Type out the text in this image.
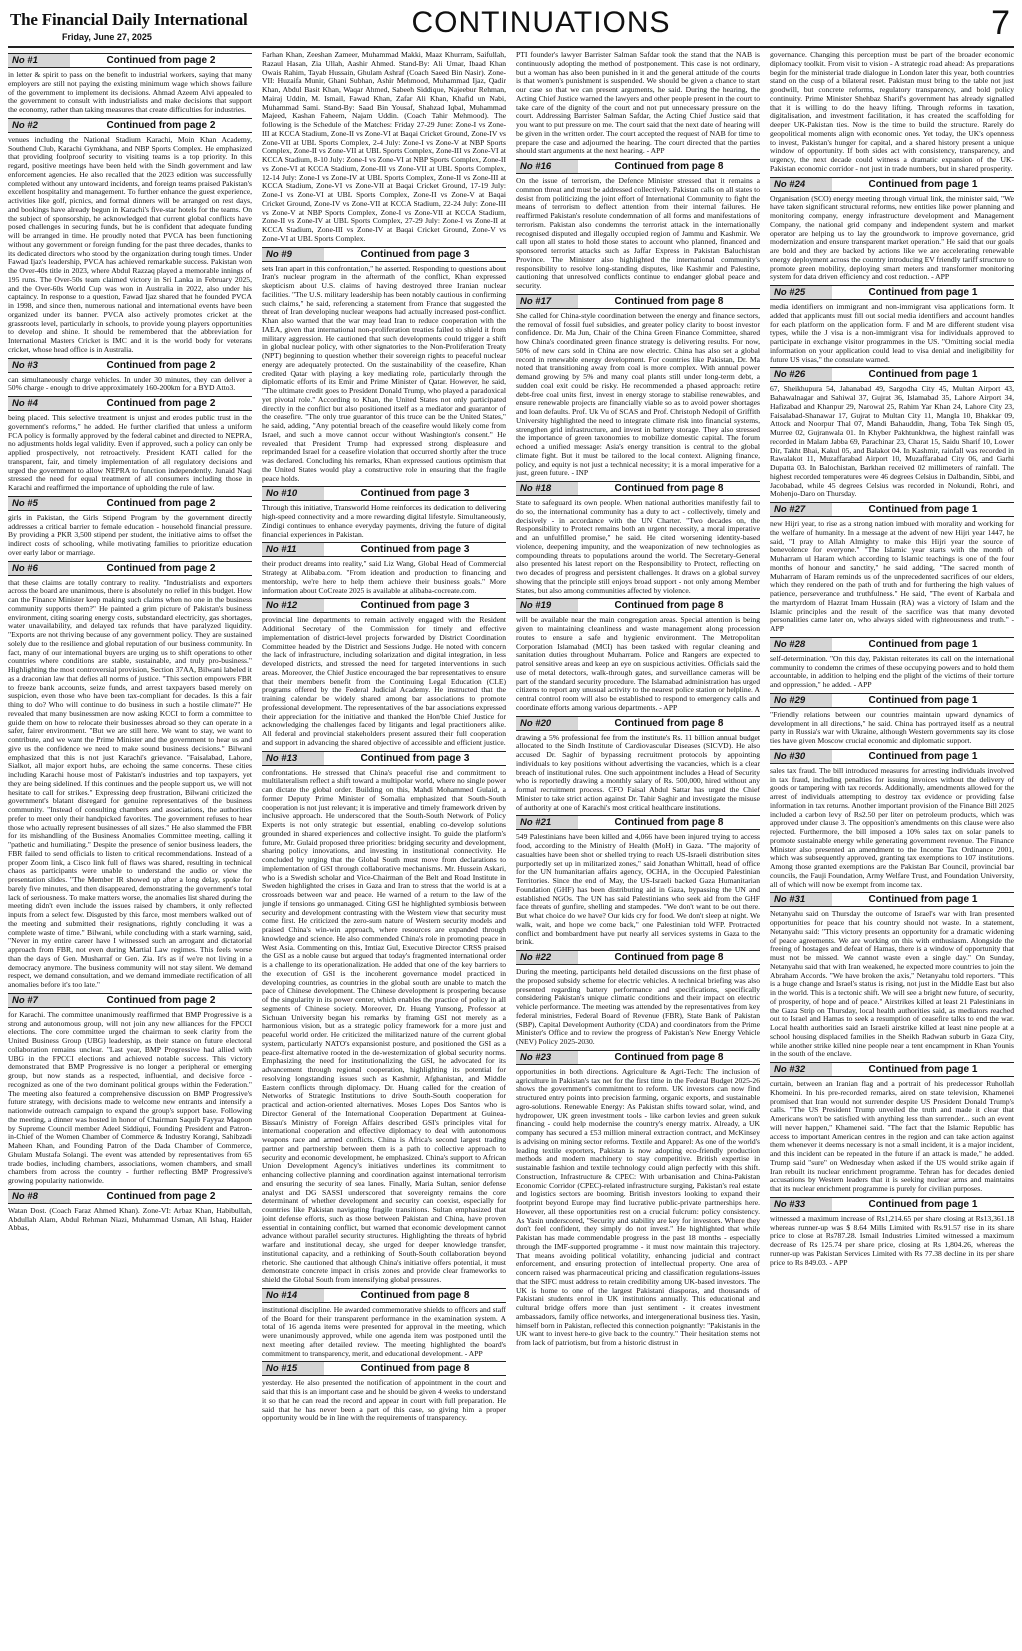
The Financial Daily International
Friday, June 27, 2025	CONTINUATIONS	7
No #1	Continued from page 2
in letter & spirit to pass on the benefit to industrial workers, saying that many employers are still not paying the existing minimum wage which shows failure of the government to implement its decisions. Ahmad Azeem Alvi appealed to the government to consult with industrialists and make decisions that support the economy, rather than taking measures that create difficulties for industries.
No #2	Continued from page 2
venues including the National Stadium Karachi, Moin Khan Academy, Southend Club, Karachi Gymkhana, and NBP Sports Complex. He emphasized that providing foolproof security to visiting teams is a top priority. In this regard, positive meetings have been held with the Sindh government and law enforcement agencies. He also recalled that the 2023 edition was successfully completed without any untoward incidents, and foreign teams praised Pakistan's excellent hospitality and management. To further enhance the guest experience, activities like golf, picnics, and formal dinners will be arranged on rest days, and bookings have already begun in Karachi's five-star hotels for the teams. On the subject of sponsorship, he acknowledged that current global conflicts have posed challenges in securing funds, but he is confident that adequate funding will be arranged in time. He proudly noted that PVCA has been functioning without any government or foreign funding for the past three decades, thanks to its dedicated directors who stood by the organization during tough times. Under Fawad Ijaz's leadership, PVCA has achieved remarkable success. Pakistan won the Over-40s title in 2023, where Abdul Razzaq played a memorable innings of 195 runs. The Over-50s team claimed victory in Sri Lanka in February 2025, and the Over-60s World Cup was won in Australia in 2022, also under his captaincy. In response to a question, Fawad Ijaz shared that he founded PVCA in 1998, and since then, numerous national and international events have been organized under its banner. PVCA also actively promotes cricket at the grassroots level, particularly in schools, to provide young players opportunities to develop and shine. It should be remembered that the abbreviation for International Masters Cricket is IMC and it is the world body for veterans cricket, whose head office is in Australia.
No #3	Continued from page 2
can simultaneously charge vehicles. In under 30 minutes, they can deliver a 50% charge - enough to drive approximately 160-200km for a BYD Atto3.
No #4	Continued from page 2
being placed. This selective treatment is unjust and erodes public trust in the government's reforms," he added. He further clarified that unless a uniform FCA policy is formally approved by the federal cabinet and directed to NEPRA, no adjustments holds legal validity. Even if approved, such a policy can only be applied prospectively, not retroactively. President KATI called for the transparent, fair, and timely implementation of all regulatory decisions and urged the government to allow NEPRA to function independently. Junaid Naqi stressed the need for equal treatment of all consumers including those in Karachi and reaffirmed the importance of upholding the rule of law.
No #5	Continued from page 2
girls in Pakistan, the Girls Stipend Program by the government directly addresses a critical barrier to female education - household financial pressure. By providing a PKR 3,500 stipend per student, the initiative aims to offset the indirect costs of schooling, while motivating families to prioritize education over early labor or marriage.
No #6	Continued from page 2
that these claims are totally contrary to reality. "Industrialists and exporters across the board are unanimous, there is absolutely no relief in this budget. How can the Finance Minister keep making such claims when no one in the business community supports them?" He painted a grim picture of Pakistan's business environment, citing soaring energy costs, substandard electricity, gas shortages, water unavailability, and delayed tax refunds that have paralyzed liquidity. "Exports are not thriving because of any government policy. They are sustained solely due to the resilience and global reputation of our business community. In fact, many of our international buyers are urging us to shift operations to other countries where conditions are stable, sustainable, and truly pro-business." Highlighting the most controversial provision, Section 37AA, Bilwani labeled it as a draconian law that defies all norms of justice. "This section empowers FBR to freeze bank accounts, seize funds, and arrest taxpayers based merely on suspicion, even those who have been tax-compliant for decades. Is this a fair thing to do? Who will continue to do business in such a hostile climate?" He revealed that many businessmen are now asking KCCI to form a committee to guide them on how to relocate their businesses abroad so they can operate in a safer, fairer environment. "But we are still here. We want to stay, we want to contribute, and we want the Prime Minister and the government to hear us and give us the confidence we need to make sound business decisions." Bilwani emphasized that this is not just Karachi's grievance. "Faisalabad, Lahore, Sialkot, all major export hubs, are echoing the same concerns. These cities including Karachi house most of Pakistan's industries and top taxpayers, yet they are being sidelined. If this continues and the people support us, we will not hesitate to call for strikes." Expressing deep frustration, Bilwani criticized the government's blatant disregard for genuine representatives of the business community. "Instead of consulting chambers and associations, the authorities prefer to meet only their handpicked favorites. The government refuses to hear those who actually represent businesses of all sizes." He also slammed the FBR for its mishandling of the Business Anomalies Committee meeting, calling it "pathetic and humiliating." Despite the presence of senior business leaders, the FBR failed to send officials to listen to critical recommendations. Instead of a proper Zoom link, a Cisco link full of flaws was shared, resulting in technical chaos as participants were unable to understand the audio or view the presentation slides. "The Member IR showed up after a long delay, spoke for barely five minutes, and then disappeared, demonstrating the government's total lack of seriousness. To make matters worse, the anomalies list shared during the meeting didn't even include the issues raised by chambers, it only reflected inputs from a select few. Disgusted by this farce, most members walked out of the meeting and submitted their resignations, rightly concluding it was a complete waste of time." Bilwani, while concluding with a stark warning, said, "Never in my entire career have I witnessed such an arrogant and dictatorial approach from FBR, not even during Martial Law regimes. This feels worse than the days of Gen. Musharraf or Gen. Zia. It's as if we're not living in a democracy anymore. The business community will not stay silent. We demand respect, we demand consultation, and we demand immediate rectification of all anomalies before it's too late."
No #7	Continued from page 2
for Karachi. The committee unanimously reaffirmed that BMP Progressive is a strong and autonomous group, will not join any new alliances for the FPCCI elections. The core committee urged the chairman to seek clarity from the United Business Group (UBG) leadership, as their stance on future electoral collaboration remains unclear. "Last year, BMP Progressive had allied with UBG in the FPCCI elections and achieved notable success. This victory demonstrated that BMP Progressive is no longer a peripheral or emerging group, but now stands as a respected, influential, and decisive force - recognized as one of the two dominant political groups within the Federation." The meeting also featured a comprehensive discussion on BMP Progressive's future strategy, with decisions made to welcome new entrants and intensify a nationwide outreach campaign to expand the group's support base. Following the meeting, a dinner was hosted in honor of Chairman Saquib Fayyaz Magoon by Supreme Council member Adeel Siddiqui, Founding President and Patron-in-Chief of the Women Chamber of Commerce & Industry Korangi, Sahibzadi Maheen Khan, and Founding Patron of the Dada Chamber of Commerce, Ghulam Mustafa Solangi. The event was attended by representatives from 65 trade bodies, including chambers, associations, women chambers, and small chambers from across the country - further reflecting BMP Progressive's growing popularity nationwide.
No #8	Continued from page 2
Watan Dost. (Coach Faraz Ahmed Khan). Zone-VI: Arbaz Khan, Habibullah, Abdullah Alam, Abdul Rehman Niazi, Muhammad Usman, Ali Ishaq, Haider Abbas,
Farhan Khan, Zeeshan Zameer, Muhammad Makki, Maaz Khurram, Saifullah, Razaul Hasan, Zia Ullah, Aashir Ahmed. Stand-By: Ali Umar, Ibaad Khan Owais Rahim, Tayab Hussain, Ghulam Ashraf (Coach Saeed Bin Nasir). Zone-VII: Huzaifa Munir, Ghani Subhan, Ashir Mehmood, Muhammad Ijaz, Qadir Khan, Abdul Basit Khan, Waqar Ahmed, Sabeeh Siddique, Najeebur Rehman, Mairaj Uddin, M. Ismail, Fawad Khan, Zafar Ali Khan, Khafid un Nabi, Muhammad Sami. Stand-By: Saad Bin Yousaf, Shahzad Iqbal, Muhammad Majeed, Kashan Faheem, Najam Uddin. (Coach Tahir Mehmood). The following is the Schedule of the Matches: Friday 27-29 June: Zone-I vs Zone-III at KCCA Stadium, Zone-II vs Zone-VI at Baqai Cricket Ground, Zone-IV vs Zone-VII at UBL Sports Complex, 2-4 July: Zone-I vs Zone-V at NBP Sports Complex, Zone-II vs Zone-VII at UBL Sports Complex, Zone-III vs Zone-VI at KCCA Stadium, 8-10 July: Zone-I vs Zone-VI at NBP Sports Complex, Zone-II vs Zone-VI at KCCA Stadium, Zone-III vs Zone-VII at UBL Sports Complex, 12-14 July: Zone-I vs Zone-IV at UBL Sports Complex, Zone-II vs Zone-III at KCCA Stadium, Zone-VI vs Zone-VII at Baqai Cricket Ground, 17-19 July: Zone-I vs Zone-VI at UBL Sports Complex, Zone-II vs Zone-V at Baqai Cricket Ground, Zone-IV vs Zone-VII at KCCA Stadium, 22-24 July: Zone-III vs Zone-V at NBP Sports Complex, Zone-I vs Zone-VII at KCCA Stadium, Zone-II vs Zone-IV at UBL Sports Complex, 27-29 July: Zone-I vs Zone-II at KCCA Stadium, Zone-III vs Zone-IV at Baqai Cricket Ground, Zone-V vs Zone-VI at UBL Sports Complex.
No #9	Continued from page 3
sets Iran apart in this confrontation," he asserted. Responding to questions about Iran's nuclear program in the aftermath of the conflict, Khan expressed skepticism about U.S. claims of having destroyed three Iranian nuclear facilities. "The U.S. military leadership has been notably cautious in confirming such claims," he said, referencing a statement from France that suggested the threat of Iran developing nuclear weapons had actually increased post-conflict. Khan also warned that the war may lead Iran to reduce cooperation with the IAEA, given that international non-proliferation treaties failed to shield it from military aggression. He cautioned that such developments could trigger a shift in global nuclear policy, with other signatories to the Non-Proliferation Treaty (NPT) beginning to question whether their sovereign rights to peaceful nuclear energy are adequately protected. On the sustainability of the ceasefire, Khan credited Qatar with playing a key mediating role, particularly through the diplomatic efforts of its Emir and Prime Minister of Qatar. However, he said, "The ultimate credit goes to President Donald Trump, who played a paradoxical yet pivotal role." According to Khan, the United States not only participated directly in the conflict but also positioned itself as a mediator and guarantor of the ceasefire. "The only true guarantor of this truce can be the United States," he said, adding, "Any potential breach of the ceasefire would likely come from Israel, and such a move cannot occur without Washington's consent." He revealed that President Trump had expressed strong displeasure and reprimanded Israel for a ceasefire violation that occurred shortly after the truce was declared. Concluding his remarks, Khan expressed cautious optimism that the United States would play a constructive role in ensuring that the fragile peace holds.
No #10	Continued from page 3
Through this initiative, Transworld Home reinforces its dedication to delivering high-speed connectivity and a more rewarding digital lifestyle. Simultaneously, Zindigi continues to enhance everyday payments, driving the future of digital financial experiences in Pakistan.
No #11	Continued from page 3
their product dreams into reality," said Liz Wang, Global Head of Commercial Strategy at Alibaba.com. "From ideation and production to financing and mentorship, we're here to help them achieve their business goals." More information about CoCreate 2025 is available at alibaba-cocreate.com.
No #12	Continued from page 3
provincial line departments to remain actively engaged with the Resident Additional Secretary of the Commission for timely and effective implementation of district-level projects forwarded by District Coordination Committee headed by the District and Sessions Judge. He noted with concern the lack of infrastructure, including solarization and digital integration, in less developed districts, and stressed the need for targeted interventions in such areas. Moreover, the Chief Justice encouraged the bar representatives to ensure that their members benefit from the Continuing Legal Education (CLE) programs offered by the Federal Judicial Academy. He instructed that the training calendar be widely shared among bar associations to promote professional development. The representatives of the bar associations expressed their appreciation for the initiative and thanked the Hon'ble Chief Justice for acknowledging the challenges faced by litigants and legal practitioners alike. All federal and provincial stakeholders present assured their full cooperation and support in advancing the shared objective of accessible and efficient justice.
No #13	Continued from page 3
confrontations. He stressed that China's peaceful rise and commitment to multilateralism reflect a shift toward a multipolar world, where no single power can dictate the global order. Building on this, Mahdi Mohammed Gulaid, a former Deputy Prime Minister of Somalia emphasized that South-South cooperation is not just relevant; it is imperative and timely framework driven by inclusive approach. He underscored that the South-South Network of Policy Experts is not only strategic but essential, enabling co-develop solutions grounded in shared experiences and collective insight. To guide the platform's future, Mr. Gulaid proposed three priorities: bridging security and development, sharing policy innovations, and investing in institutional connectivity. He concluded by urging that the Global South must move from declarations to implementation of GSI through collaborative mechanisms. Mr. Hussein Askari, who is a Swedish scholar and Vice-Chairman of the Belt and Road Institute in Sweden highlighted the crises in Gaza and Iran to stress that the world is at a crossroads between war and peace. He warned of a return to the law of the jungle if tensions go unmanaged. Citing GSI he highlighted symbiosis between security and development contrasting with the Western view that security must come first. He criticized the zero-sum nature of Western security models and praised China's win-win approach, where resources are expanded through knowledge and science. He also commended China's role in promoting peace in West Asia. Commenting on this, Imtiaz Gul, Executive Director CRSS praised the GSI as a noble cause but argued that today's fragmented international order is a challenge to its operationalization. He added that one of the key barriers to the execution of GSI is the incoherent governance model practiced in developing countries, as countries in the global south are unable to match the pace of Chinese development. The Chinese development is prospering because of the singularity in its power center, which enables the practice of policy in all segments of Chinese society. Moreover, Dr. Huang Yunsong, Professor at Sichuan University began his remarks by framing GSI not merely as a harmonious vision, but as a strategic policy framework for a more just and peaceful world order. He criticized the militarized nature of the current global system, particularly NATO's expansionist posture, and positioned the GSI as a peace-first alternative rooted in the de-westernization of global security norms. Emphasizing the need for institutionalizing the GSI, he advocated for its advancement through regional cooperation, highlighting its potential for resolving longstanding issues such as Kashmir, Afghanistan, and Middle Eastern conflicts through diplomacy. Dr. Huang called for the creation of Networks of Strategic Institutions to drive South-South cooperation for practical and action-oriented alternatives. Moses Lopes Dos Santos who is Director General of the International Cooperation Department at Guinea-Bissau's Ministry of Foreign Affairs described GSI's principles vital for international cooperation and effective diplomacy to deal with autonomous weapons race and armed conflicts. China is Africa's second largest trading partner and partnership between them is a path to collective approach to security and economic development, he emphasized. China's support to African Union Development Agency's initiatives underlines its commitment to enhancing collective planning and coordination against international terrorism and ensuring the security of sea lanes. Finally, Maria Sultan, senior defense analyst and DG SASSI underscored that sovereignty remains the core determinant of whether development and security can coexist, especially for countries like Pakistan navigating fragile transitions. Sultan emphasized that joint defense efforts, such as those between Pakistan and China, have proven essential in containing conflict, but warned that economic development cannot advance without parallel security structures. Highlighting the threats of hybrid warfare and institutional decay, she urged for deeper knowledge transfer, institutional capacity, and a rethinking of South-South collaboration beyond rhetoric. She cautioned that although China's initiative offers potential, it must demonstrate concrete impact in crisis zones and provide clear frameworks to shield the Global South from intensifying global pressures.
No #14	Continued from page 8
institutional discipline. He awarded commemorative shields to officers and staff of the Board for their transparent performance in the examination system. A total of 16 agenda items were presented for approval in the meeting, which were unanimously approved, while one agenda item was postponed until the next meeting after detailed review. The meeting highlighted the board's commitment to transparency, merit, and educational development. - APP
No #15	Continued from page 8
yesterday. He also presented the notification of appointment in the court and said that this is an important case and he should be given 4 weeks to understand it so that he can read the record and appear in court with full preparation. He said that he has never been a part of this case, so giving him a proper opportunity would be in line with the requirements of transparency.
PTI founder's lawyer Barrister Salman Safdar took the stand that the NAB is continuously adopting the method of postponement. This case is not ordinary, but a woman has also been punished in it and the general attitude of the courts is that women's punishment is suspended. We should be given a chance to start our case so that we can present arguments, he said. During the hearing, the Acting Chief Justice warned the lawyers and other people present in the court to take care of the dignity of the court and not put unnecessary pressure on the court. Addressing Barrister Salman Safdar, the Acting Chief Justice said that you want to put pressure on me. The court said that the next date of hearing will be given in the written order. The court accepted the request of NAB for time to prepare the case and adjourned the hearing. The court directed that the parties should start arguments at the next hearing. - APP
No #16	Continued from page 8
On the issue of terrorism, the Defence Minister stressed that it remains a common threat and must be addressed collectively. Pakistan calls on all states to desist from politicizing the joint effort of International Community to fight the means of terrorism to deflect attention from their internal failures. He reaffirmed Pakistan's resolute condemnation of all forms and manifestations of terrorism. Pakistan also condemns the terrorist attack in the internationally recognised disputed and illegally occupied region of Jammu and Kashmir. We call upon all states to hold those states to account who planned, financed and sponsored terrorist attacks such as Jaffar Express in Pakistan Baluchistan Province. The Minister also highlighted the international community's responsibility to resolve long-standing disputes, like Kashmir and Palestine, cautioning that unresolved conflicts continue to endanger global peace and security.
No #17	Continued from page 8
She called for China-style coordination between the energy and finance sectors, the removal of fossil fuel subsidies, and greater policy clarity to boost investor confidence. Dr. Ma Jun, Chair of the China Green Finance Committee, shared how China's coordinated green finance strategy is delivering results. For now, 50% of new cars sold in China are now electric. China has also set a global record in renewable energy development. For countries like Pakistan, Dr. Ma noted that transitioning away from coal is more complex. With annual power demand growing by 5% and many coal plants still under long-term debt, a sudden coal exit could be risky. He recommended a phased approach: retire debt-free coal units first, invest in energy storage to stabilise renewables, and ensure renewable projects are financially viable so as to avoid power shortages and loan defaults. Prof. Uk Vu of SCAS and Prof. Christoph Nedopil of Griffith University highlighted the need to integrate climate risk into financial systems, strengthen grid infrastructure, and invest in battery storage. They also stressed the importance of green taxonomies to mobilize domestic capital. The forum echoed a unified message: Asia's energy transition is central to the global climate fight. But it must be tailored to the local context. Aligning finance, policy, and equity is not just a technical necessity; it is a moral imperative for a just, green future. - INP
No #18	Continued from page 8
State to safeguard its own people. When national authorities manifestly fail to do so, the international community has a duty to act - collectively, timely and decisively - in accordance with the UN Charter. "Two decades on, the Responsibility to Protect remains both an urgent necessity, a moral imperative and an unfulfilled promise," he said. He cited worsening identity-based violence, deepening impunity, and the weaponization of new technologies as compounding threats to populations around the world. The Secretary-General also presented his latest report on the Responsibility to Protect, reflecting on two decades of progress and persistent challenges. It draws on a global survey showing that the principle still enjoys broad support - not only among Member States, but also among communities affected by violence.
No #19	Continued from page 8
will be available near the main congregation areas. Special attention is being given to maintaining cleanliness and waste management along procession routes to ensure a safe and hygienic environment. The Metropolitan Corporation Islamabad (MCI) has been tasked with regular cleaning and sanitation duties throughout Muharram. Police and Rangers are expected to patrol sensitive areas and keep an eye on suspicious activities. Officials said the use of metal detectors, walk-through gates, and surveillance cameras will be part of the standard security procedure. The Islamabad administration has urged citizens to report any unusual activity to the nearest police station or helpline. A central control room will also be established to respond to emergency calls and coordinate efforts among various departments. - APP
No #20	Continued from page 8
drawing a 5% professional fee from the institute's Rs. 11 billion annual budget allocated to the Sindh Institute of Cardiovascular Diseases (SICVD). He also accused Dr. Saghir of bypassing recruitment protocols by appointing individuals to key positions without advertising the vacancies, which is a clear breach of institutional rules. One such appointment includes a Head of Security who is reportedly drawing a monthly salary of Rs. 500,000, hired without any formal recruitment process. CFO Faisal Abdul Sattar has urged the Chief Minister to take strict action against Dr. Tahir Saghir and investigate the misuse of authority at one of Karachi's most critical healthcare institutions.
No #21	Continued from page 8
549 Palestinians have been killed and 4,066 have been injured trying to access food, according to the Ministry of Health (MoH) in Gaza. "The majority of casualties have been shot or shelled trying to reach US-Israeli distribution sites purportedly set up in militarized zones," said Jonathan Whittall, head of office for the UN humanitarian affairs agency, OCHA, in the Occupied Palestinian Territories. Since the end of May, the US-Israeli backed Gaza Humanitarian Foundation (GHF) has been distributing aid in Gaza, bypassing the UN and established NGOs. The UN has said Palestinians who seek aid from the GHF face threats of gunfire, shelling and stampedes. "We don't want to be out there. But what choice do we have? Our kids cry for food. We don't sleep at night. We walk, wait, and hope we come back," one Palestinian told WFP. Protracted conflict and bombardment have put nearly all services systems in Gaza to the brink.
No #22	Continued from page 8
During the meeting, participants held detailed discussions on the first phase of the proposed subsidy scheme for electric vehicles. A technical briefing was also presented regarding battery performance and specifications, specifically considering Pakistan's unique climatic conditions and their impact on electric vehicle performance. The meeting was attended by the representatives from key federal ministries, Federal Board of Revenue (FBR), State Bank of Pakistan (SBP), Capital Development Authority (CDA) and coordinators from the Prime Minister's Office and to review the progress of Pakistan's New Energy Vehicle (NEV) Policy 2025-2030.
No #23	Continued from page 8
opportunities in both directions. Agriculture & Agri-Tech: The inclusion of agriculture in Pakistan's tax net for the first time in the Federal Budget 2025-26 shows the government's commitment to reform. UK investors can now find structured entry points into precision farming, organic exports, and sustainable agro-solutions. Renewable Energy: As Pakistan shifts toward solar, wind, and hydropower, UK green investment tools - like carbon levies and green sukuk financing - could help modernise the country's energy matrix. Already, a UK company has secured a £53 million mineral extraction contract, and McKinsey is advising on mining sector reforms. Textile and Apparel: As one of the world's leading textile exporters, Pakistan is now adopting eco-friendly production methods and modern machinery to stay competitive. British expertise in sustainable fashion and textile technology could align perfectly with this shift. Construction, Infrastructure & CPEC: With urbanisation and China-Pakistan Economic Corridor (CPEC)-related infrastructure surging, Pakistan's real estate and logistics sectors are booming. British investors looking to expand their footprint beyond Europe may find lucrative public-private partnerships here. However, all these opportunities rest on a crucial fulcrum: policy consistency. As Yasin underscored, "Security and stability are key for investors. Where they don't feel confident, they simply do not invest." He highlighted that while Pakistan has made commendable progress in the past 18 months - especially through the IMF-supported programme - it must now maintain this trajectory. That means avoiding political volatility, enhancing judicial and contract enforcement, and ensuring protection of intellectual property. One area of concern raised was pharmaceutical pricing and classification regulations-issues that the SIFC must address to retain credibility among UK-based investors. The UK is home to one of the largest Pakistani diasporas, and thousands of Pakistani students enrol in UK institutions annually. This educational and cultural bridge offers more than just sentiment - it creates investment ambassadors, family office networks, and intergenerational business ties. Yasin, himself born in Pakistan, reflected this connection poignantly: "Pakistanis in the UK want to invest here-to give back to the country." Their hesitation stems not from lack of patriotism, but from a historic distrust in
governance. Changing this perception must be part of the broader economic diplomacy toolkit. From visit to vision - A strategic road ahead: As preparations begin for the ministerial trade dialogue in London later this year, both countries stand on the cusp of a bilateral reset. Pakistan must bring to the table not just goodwill, but concrete reforms, regulatory transparency, and bold policy continuity. Prime Minister Shehbaz Sharif's government has already signalled that it is willing to do the heavy lifting. Through reforms in taxation, digitalisation, and investment facilitation, it has created the scaffolding for deeper UK-Pakistan ties. Now is the time to build the structure. Rarely do geopolitical moments align with economic ones. Yet today, the UK's openness to invest, Pakistan's hunger for capital, and a shared history present a unique window of opportunity. If both sides act with consistency, transparency, and urgency, the next decade could witness a dramatic expansion of the UK-Pakistan economic corridor - not just in trade numbers, but in shared prosperity.
No #24	Continued from page 1
Organisation (SCO) energy meeting through virtual link, the minister said, "We have taken significant structural reforms, new entities like power planning and monitoring company, energy infrastructure development and Management Company, the national grid company and independent system and market operator are helping us to lay the groundwork to improve governance, grid modernization and ensure transparent market operation." He said that our goals are bold and they are backed by actions like we are accelerating renewable energy deployment across the country introducing EV friendly tariff structure to promote green mobility, deploying smart meters and transformer monitoring system for data driven efficiency and cost reduction. - APP
No #25	Continued from page 1
media identifiers on immigrant and non-immigrant visa applications form. It added that applicants must fill out social media identifiers and account handles for each platform on the application form. F and M are different student visa types, while the J visa is a non-immigrant visa for individuals approved to participate in exchange visitor programmes in the US. "Omitting social media information on your application could lead to visa denial and ineligibility for future US visas," the consulate warned.
No #26	Continued from page 1
67, Sheikhupura 54, Jahanabad 49, Sargodha City 45, Multan Airport 43, Bahawalnagar and Sahiwal 37, Gujrat 36, Islamabad 35, Lahore Airport 34, Hafizabad and Khanpur 29, Narowal 25, Rahim Yar Khan 24, Lahore City 23, Faisalabad-Shanawar 17, Gujrat to Multan City 11, Mangla 10, Bhakkar 09, Attock and Noorpur Thal 07, Mandi Bahauddin, Jhang, Toba Tek Singh 05, Murree 02, Gujranwala 01. In Khyber Pakhtunkhwa, the highest rainfall was recorded in Malam Jabba 69, Parachinar 23, Charat 15, Saidu Sharif 10, Lower Dir, Takht Bhai, Kakul 05, and Balakot 04. In Kashmir, rainfall was recorded in Rawalakot 11, Muzaffarabad Airport 10, Muzaffarabad City 06, and Garhi Dupatta 03. In Balochistan, Barkhan received 02 millimeters of rainfall. The highest recorded temperatures were 46 degrees Celsius in Dalbandin, Sibbi, and Jacobabad, while 45 degrees Celsius was recorded in Nokundi, Rohri, and Mohenjo-Daro on Thursday.
No #27	Continued from page 1
new Hijri year, to rise as a strong nation imbued with morality and working for the welfare of humanity. In a message at the advent of new Hijri year 1447, he said, "I pray to Allah Almighty to make this Hijri year the source of benevolence for everyone." "The Islamic year starts with the month of Muharram ul Haram which according to Islamic teachings is one of the four months of honour and sanctity," he said adding, "The sacred month of Muharram of Haram reminds us of the unprecedented sacrifices of our elders, which they rendered on the path of truth and for furthering the high values of patience, perseverance and truthfulness." He said, "The event of Karbala and the martyrdom of Hazrat Imam Hussain (RA) was a victory of Islam and the Islamic principles and the result of the sacrifice was that many devoted personalities came later on, who always sided with righteousness and truth." - APP
No #28	Continued from page 1
self-determination. "On this day, Pakistan reiterates its call on the international community to condemn the crimes of these occupying powers and to hold them accountable, in addition to helping end the plight of the victims of their torture and oppression," he added. - APP
No #29	Continued from page 1
"Friendly relations between our countries maintain upward dynamics of development in all directions," he said. China has portrayed itself as a neutral party in Russia's war with Ukraine, although Western governments say its close ties have given Moscow crucial economic and diplomatic support.
No #30	Continued from page 1
sales tax fraud. The bill introduced measures for arresting individuals involved in tax fraud, including penalties for issuing invoices without the delivery of goods or tampering with tax records. Additionally, amendments allowed for the arrest of individuals attempting to destroy tax evidence or providing false information in tax returns. Another important provision of the Finance Bill 2025 included a carbon levy of Rs2.50 per liter on petroleum products, which was approved under clause 3. The opposition's amendments on this clause were also rejected. Furthermore, the bill imposed a 10% sales tax on solar panels to promote sustainable energy while generating government revenue. The Finance Minister also presented an amendment to the Income Tax Ordinance 2001, which was subsequently approved, granting tax exemptions to 107 institutions. Among those granted exemptions are the Pakistan Bar Council, provincial bar councils, the Fauji Foundation, Army Welfare Trust, and Foundation University, all of which will now be exempt from income tax.
No #31	Continued from page 1
Netanyahu said on Thursday the outcome of Israel's war with Iran presented opportunities for peace that his country should not waste. In a statement, Netanyahu said: "This victory presents an opportunity for a dramatic widening of peace agreements. We are working on this with enthusiasm. Alongside the freeing of hostages and defeat of Hamas, there is a window of opportunity that must not be missed. We cannot waste even a single day." On Sunday, Netanyahu said that with Iran weakened, he expected more countries to join the Abraham Accords. "We have broken the axis," Netanyahu told reporters. "This is a huge change and Israel's status is rising, not just in the Middle East but also in the world. This is a tectonic shift. We will see a bright new future, of security, of prosperity, of hope and of peace." Airstrikes killed at least 21 Palestinians in the Gaza Strip on Thursday, local health authorities said, as mediators reached out to Israel and Hamas to seek a resumption of ceasefire talks to end the war. Local health authorities said an Israeli airstrike killed at least nine people at a school housing displaced families in the Sheikh Radwan suburb in Gaza City, while another strike killed nine people near a tent encampment in Khan Younis in the south of the enclave.
No #32	Continued from page 1
curtain, between an Iranian flag and a portrait of his predecessor Ruhollah Khomeini. In his pre-recorded remarks, aired on state television, Khamenei promised that Iran would not surrender despite US President Donald Trump's calls. "The US President Trump unveiled the truth and made it clear that Americans won't be satisfied with anything less than surrender... such an event will never happen," Khamenei said. "The fact that the Islamic Republic has access to important American centres in the region and can take action against them whenever it deems necessary is not a small incident, it is a major incident, and this incident can be repeated in the future if an attack is made," he added. Trump said "sure" on Wednesday when asked if the US would strike again if Iran rebuilt its nuclear enrichment programme. Tehran has for decades denied accusations by Western leaders that it is seeking nuclear arms and maintains that its nuclear enrichment programme is purely for civilian purposes.
No #33	Continued from page 1
witnessed a maximum increase of Rs1,214.65 per share closing at Rs13,361.18 whereas runner-up was $ 8.64 Mills Limited with Rs.91.57 rise in its share price to close at Rs787.28. Ismail Industries Limited witnessed a maximum decrease of Rs 125.74 per share price, closing at Rs 1,804.26, whereas the runner-up was Pakistan Services Limited with Rs 77.38 decline in its per share price to Rs 849.03. - APP
